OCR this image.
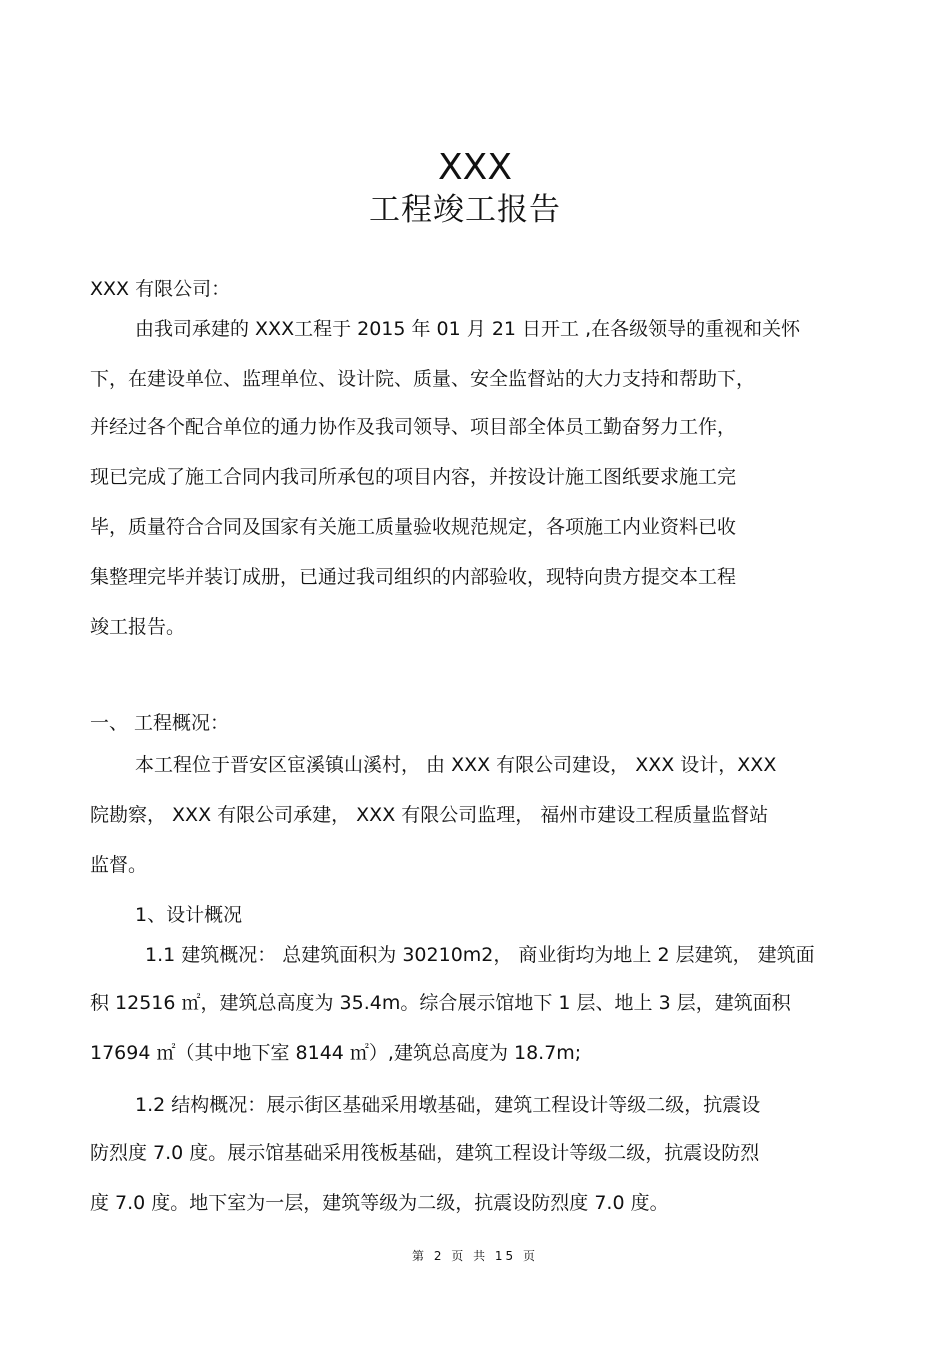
XXX
工程竣工报告
XXX 有限公司：
由我司承建的 XXX工程于 2015 年 01 月 21 日开工 ,在各级领导的重视和关怀
下，在建设单位、监理单位、设计院、质量、安全监督站的大力支持和帮助下，
并经过各个配合单位的通力协作及我司领导、项目部全体员工勤奋努力工作，
现已完成了施工合同内我司所承包的项目内容，并按设计施工图纸要求施工完
毕，质量符合合同及国家有关施工质量验收规范规定，各项施工内业资料已收
集整理完毕并装订成册，已通过我司组织的内部验收，现特向贵方提交本工程
竣工报告。
一、 工程概况：
本工程位于晋安区宦溪镇山溪村， 由 XXX 有限公司建设， XXX 设计，XXX
院勘察， XXX 有限公司承建， XXX 有限公司监理， 福州市建设工程质量监督站
监督。
1、设计概况
1.1 建筑概况： 总建筑面积为 30210m2， 商业街均为地上 2 层建筑， 建筑面
积 12516 ㎡，建筑总高度为 35.4m。综合展示馆地下 1 层、地上 3 层，建筑面积
17694 ㎡（其中地下室 8144 ㎡）,建筑总高度为 18.7m;
1.2 结构概况：展示街区基础采用墩基础，建筑工程设计等级二级，抗震设
防烈度 7.0 度。展示馆基础采用筏板基础，建筑工程设计等级二级，抗震设防烈
度 7.0 度。地下室为一层，建筑等级为二级，抗震设防烈度 7.0 度。
第 2 页 共 15 页
